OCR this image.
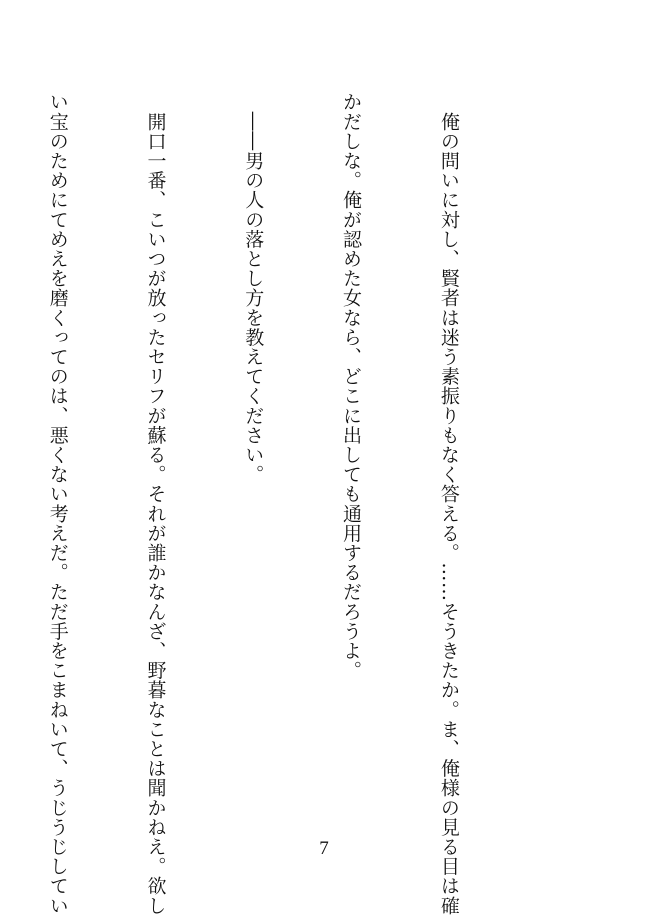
　俺の問いに対し、賢者は迷う素振りもなく答える。……そうきたか。ま、俺様の見る目は確

かだしな。俺が認めた女なら、どこに出しても通用するだろうよ。

　――男の人の落とし方を教えてください。

　開口一番、こいつが放ったセリフが蘇る。それが誰かなんざ、野暮なことは聞かねえ。欲し

い宝のためにてめえを磨くってのは、悪くない考えだ。ただ手をこまねいて、うじうじしてい

	7
